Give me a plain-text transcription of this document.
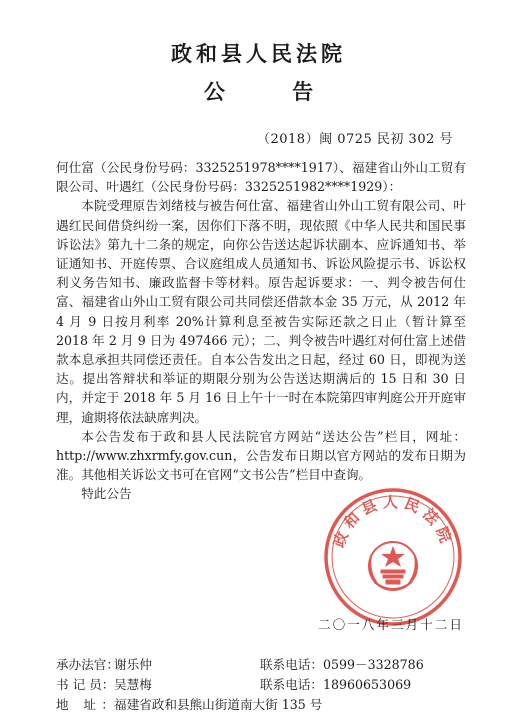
政和县人民法院
公 告
（2018）闽 0725 民初 302 号

何仕富（公民身份号码：3325251978****1917）、福建省山外山工贸有限公司、叶遇红（公民身份号码：3325251982****1929）：

本院受理原告刘绪枝与被告何仕富、福建省山外山工贸有限公司、叶遇红民间借贷纠纷一案，因你们下落不明，现依照《中华人民共和国民事诉讼法》第九十二条的规定，向你公告送达起诉状副本、应诉通知书、举证通知书、开庭传票、合议庭组成人员通知书、诉讼风险提示书、诉讼权利义务告知书、廉政监督卡等材料。原告起诉要求：一、判令被告何仕富、福建省山外山工贸有限公司共同偿还借款本金 35 万元，从 2012 年 4 月 9 日按月利率 20%计算利息至被告实际还款之日止（暂计算至 2018 年 2 月 9 日为 497466 元）；二、判令被告叶遇红对何仕富上述借款本息承担共同偿还责任。自本公告发出之日起，经过 60 日，即视为送达。提出答辩状和举证的期限分别为公告送达期满后的 15 日和 30 日内，并定于 2018 年 5 月 16 日上午十一时在本院第四审判庭公开开庭审理，逾期将依法缺席判决。

本公告发布于政和县人民法院官方网站“送达公告”栏目，网址：http://www.zhxrmfy.gov.cun，公告发布日期以官方网站的发布日期为准。其他相关诉讼文书可在官网“文书公告”栏目中查询。

特此公告

政和县人民法院
二〇一八年三月十二日
承办法官：谢乐仲	联系电话：0599－3328786
书 记 员：吴慧梅	联系电话：18960653069
地 址： 福建省政和县熊山街道南大街 135 号
